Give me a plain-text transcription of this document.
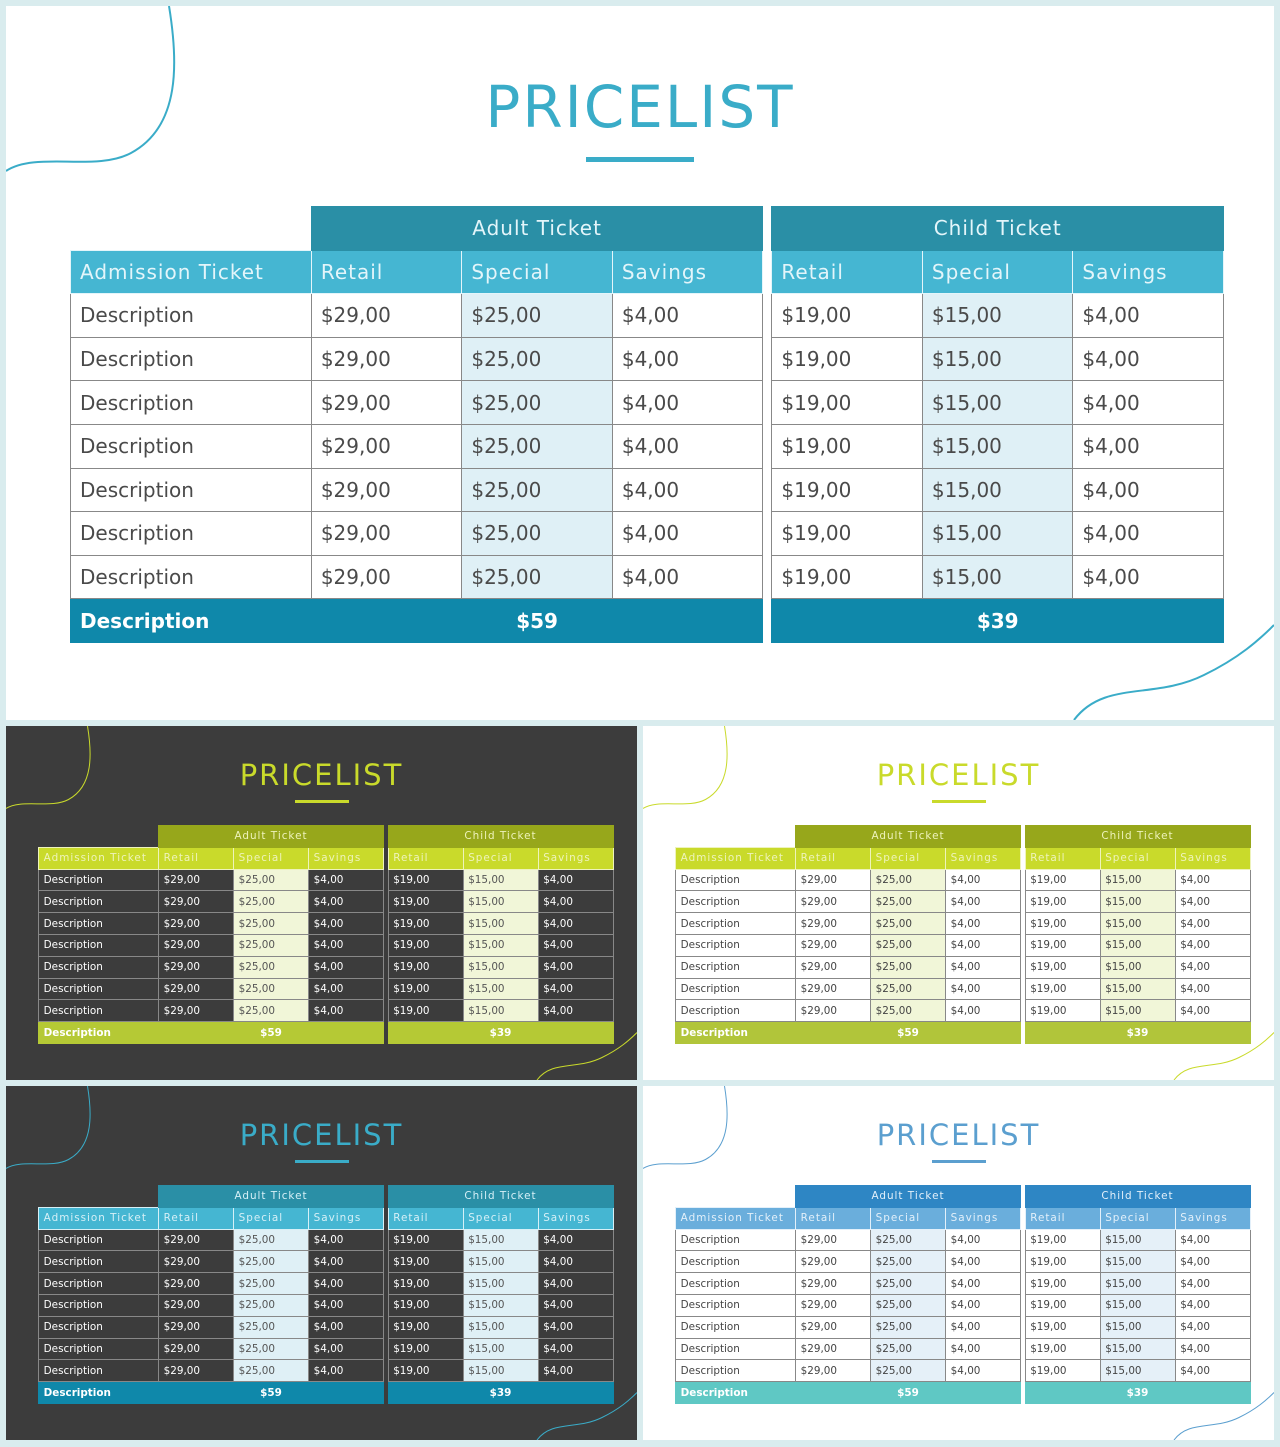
PRICELIST
	Adult Ticket				Child Ticket		
Admission Ticket	Retail	Special	Savings		Retail	Special	Savings
Description	$29,00	$25,00	$4,00		$19,00	$15,00	$4,00
Description	$29,00	$25,00	$4,00		$19,00	$15,00	$4,00
Description	$29,00	$25,00	$4,00		$19,00	$15,00	$4,00
Description	$29,00	$25,00	$4,00		$19,00	$15,00	$4,00
Description	$29,00	$25,00	$4,00		$19,00	$15,00	$4,00
Description	$29,00	$25,00	$4,00		$19,00	$15,00	$4,00
Description	$29,00	$25,00	$4,00		$19,00	$15,00	$4,00
Description	$59				$39		
PRICELIST
	Adult Ticket				Child Ticket		
Admission Ticket	Retail	Special	Savings		Retail	Special	Savings
Description	$29,00	$25,00	$4,00		$19,00	$15,00	$4,00
Description	$29,00	$25,00	$4,00		$19,00	$15,00	$4,00
Description	$29,00	$25,00	$4,00		$19,00	$15,00	$4,00
Description	$29,00	$25,00	$4,00		$19,00	$15,00	$4,00
Description	$29,00	$25,00	$4,00		$19,00	$15,00	$4,00
Description	$29,00	$25,00	$4,00		$19,00	$15,00	$4,00
Description	$29,00	$25,00	$4,00		$19,00	$15,00	$4,00
Description	$59				$39		
PRICELIST
	Adult Ticket				Child Ticket		
Admission Ticket	Retail	Special	Savings		Retail	Special	Savings
Description	$29,00	$25,00	$4,00		$19,00	$15,00	$4,00
Description	$29,00	$25,00	$4,00		$19,00	$15,00	$4,00
Description	$29,00	$25,00	$4,00		$19,00	$15,00	$4,00
Description	$29,00	$25,00	$4,00		$19,00	$15,00	$4,00
Description	$29,00	$25,00	$4,00		$19,00	$15,00	$4,00
Description	$29,00	$25,00	$4,00		$19,00	$15,00	$4,00
Description	$29,00	$25,00	$4,00		$19,00	$15,00	$4,00
Description	$59				$39		
PRICELIST
	Adult Ticket				Child Ticket		
Admission Ticket	Retail	Special	Savings		Retail	Special	Savings
Description	$29,00	$25,00	$4,00		$19,00	$15,00	$4,00
Description	$29,00	$25,00	$4,00		$19,00	$15,00	$4,00
Description	$29,00	$25,00	$4,00		$19,00	$15,00	$4,00
Description	$29,00	$25,00	$4,00		$19,00	$15,00	$4,00
Description	$29,00	$25,00	$4,00		$19,00	$15,00	$4,00
Description	$29,00	$25,00	$4,00		$19,00	$15,00	$4,00
Description	$29,00	$25,00	$4,00		$19,00	$15,00	$4,00
Description	$59				$39		
PRICELIST
	Adult Ticket				Child Ticket		
Admission Ticket	Retail	Special	Savings		Retail	Special	Savings
Description	$29,00	$25,00	$4,00		$19,00	$15,00	$4,00
Description	$29,00	$25,00	$4,00		$19,00	$15,00	$4,00
Description	$29,00	$25,00	$4,00		$19,00	$15,00	$4,00
Description	$29,00	$25,00	$4,00		$19,00	$15,00	$4,00
Description	$29,00	$25,00	$4,00		$19,00	$15,00	$4,00
Description	$29,00	$25,00	$4,00		$19,00	$15,00	$4,00
Description	$29,00	$25,00	$4,00		$19,00	$15,00	$4,00
Description	$59				$39		
